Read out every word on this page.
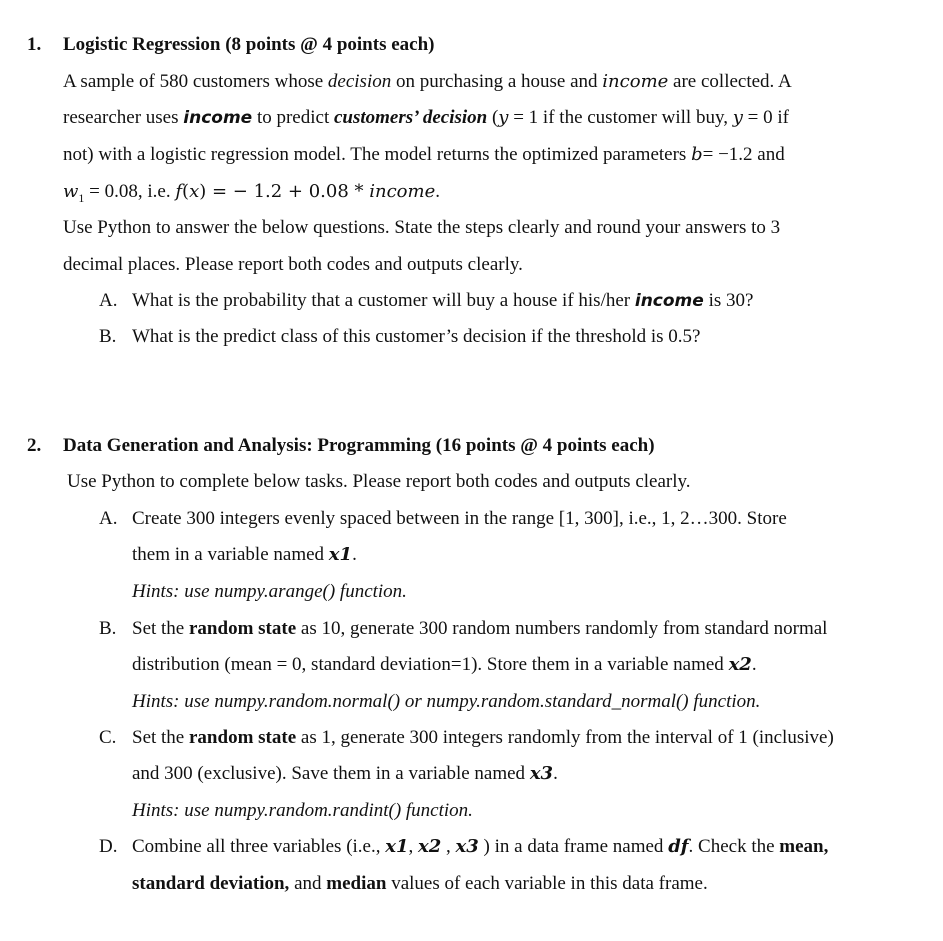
1. Logistic Regression (8 points @ 4 points each)
A sample of 580 customers whose decision on purchasing a house and income are collected. A
researcher uses income to predict customers’ decision (y = 1 if the customer will buy, y = 0 if
not) with a logistic regression model. The model returns the optimized parameters b= −1.2 and
$w_1 = 0.08$, i.e. f(x) = − 1.2 + 0.08 * income.
Use Python to answer the below questions. State the steps clearly and round your answers to 3
decimal places. Please report both codes and outputs clearly.
A. What is the probability that a customer will buy a house if his/her income is 30?
B. What is the predict class of this customer’s decision if the threshold is 0.5?
2. Data Generation and Analysis: Programming (16 points @ 4 points each)
Use Python to complete below tasks. Please report both codes and outputs clearly.
A. Create 300 integers evenly spaced between in the range [1, 300], i.e., 1, 2…300. Store
them in a variable named x1.
Hints: use numpy.arange() function.
B. Set the random state as 10, generate 300 random numbers randomly from standard normal
distribution (mean = 0, standard deviation=1). Store them in a variable named x2.
Hints: use numpy.random.normal() or numpy.random.standard_normal() function.
C. Set the random state as 1, generate 300 integers randomly from the interval of 1 (inclusive)
and 300 (exclusive). Save them in a variable named x3.
Hints: use numpy.random.randint() function.
D. Combine all three variables (i.e., x1, x2 , x3 ) in a data frame named df. Check the mean,
standard deviation, and median values of each variable in this data frame.
